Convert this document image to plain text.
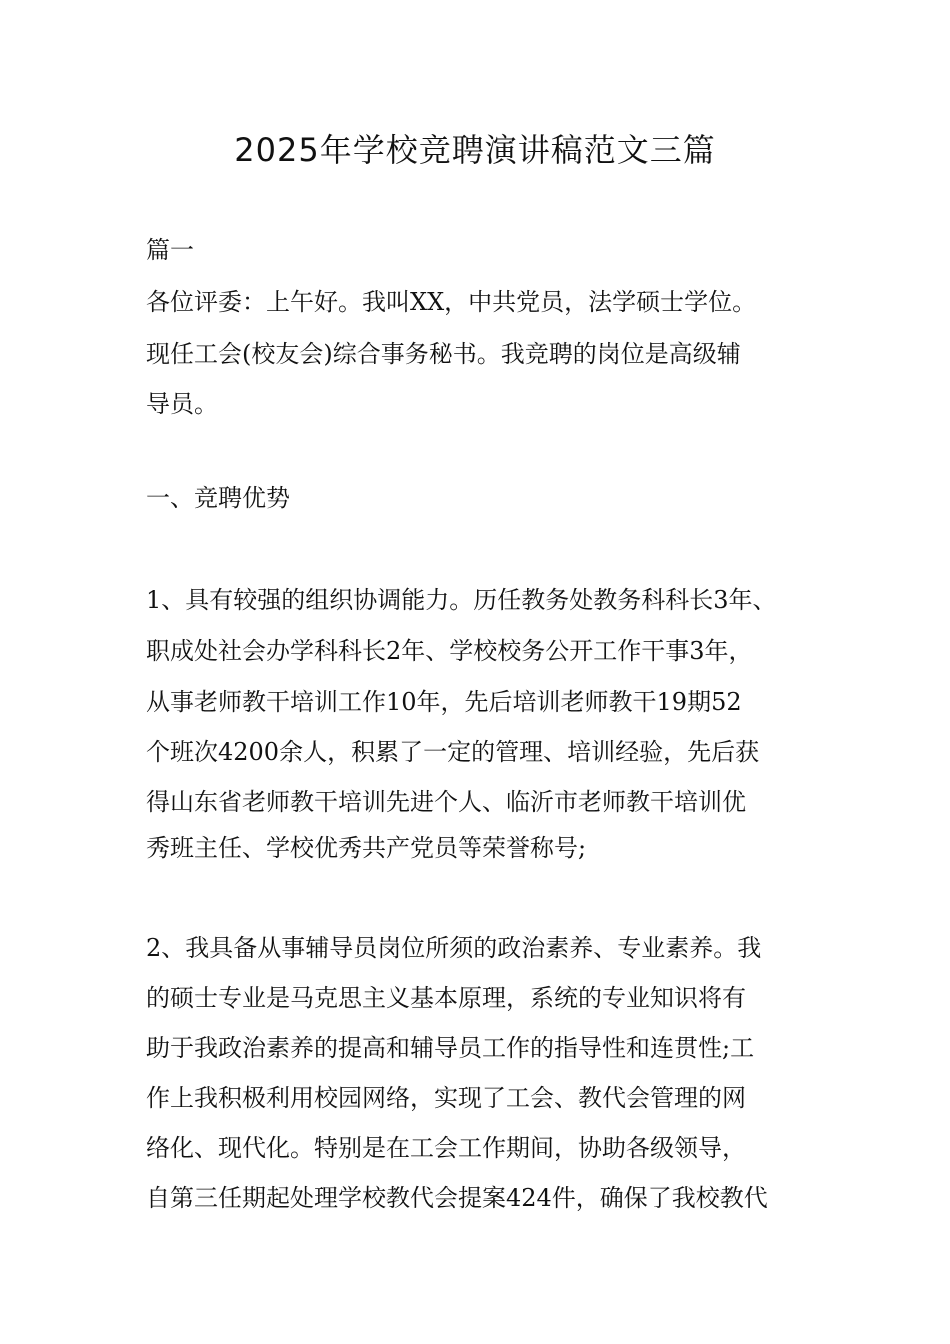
2025年学校竞聘演讲稿范文三篇
篇一
各位评委：上午好。我叫XX，中共党员，法学硕士学位。
现任工会(校友会)综合事务秘书。我竞聘的岗位是高级辅
导员。
一、竞聘优势
1、具有较强的组织协调能力。历任教务处教务科科长3年、
职成处社会办学科科长2年、学校校务公开工作干事3年，
从事老师教干培训工作10年，先后培训老师教干19期52
个班次4200余人，积累了一定的管理、培训经验，先后获
得山东省老师教干培训先进个人、临沂市老师教干培训优
秀班主任、学校优秀共产党员等荣誉称号;
2、我具备从事辅导员岗位所须的政治素养、专业素养。我
的硕士专业是马克思主义基本原理，系统的专业知识将有
助于我政治素养的提高和辅导员工作的指导性和连贯性;工
作上我积极利用校园网络，实现了工会、教代会管理的网
络化、现代化。特别是在工会工作期间，协助各级领导，
自第三任期起处理学校教代会提案424件，确保了我校教代
